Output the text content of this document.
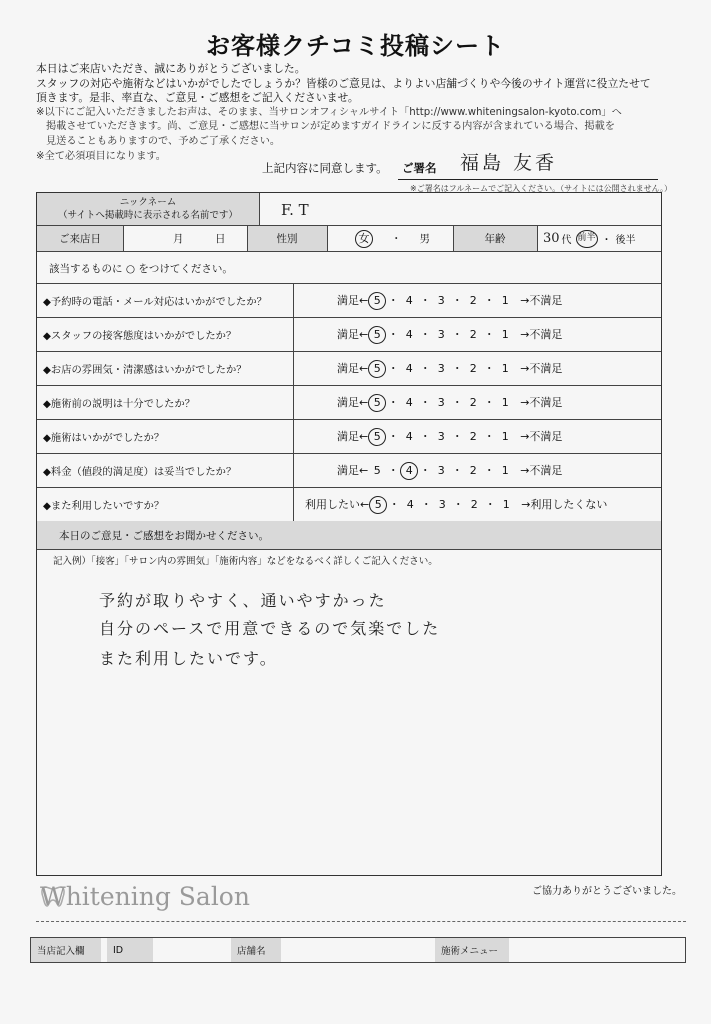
お客様クチコミ投稿シート
本日はご来店いただき、誠にありがとうございました。
スタッフの対応や施術などはいかがでしたでしょうか？皆様のご意見は、よりよい店舗づくりや今後のサイト運営に役立たせて
頂きます。是非、率直な、ご意見・ご感想をご記入くださいませ。
※以下にご記入いただきましたお声は、そのまま、当サロンオフィシャルサイト「http://www.whiteningsalon-kyoto.com」へ
掲載させていただきます。尚、ご意見・ご感想に当サロンが定めますガイドラインに反する内容が含まれている場合、掲載を
見送ることもありますので、予めご了承ください。
※全て必須項目になります。
上記内容に同意します。 ご署名 福島 友香
※ご署名はフルネームでご記入ください。（サイトには公開されません。）
ニックネーム
（サイトへ掲載時に表示される名前です）	F. T
ご来店日	月	日	性別	女	・ 男	年齢	30 代 前半 ・ 後半
該当するものに ○ をつけてください。
◆予約時の電話・メール対応はいかがでしたか？	満足← 5 ・ 4 ・ 3 ・ 2 ・ 1 →不満足
◆スタッフの接客態度はいかがでしたか？	満足← 5 ・ 4 ・ 3 ・ 2 ・ 1 →不満足
◆お店の雰囲気・清潔感はいかがでしたか？	満足← 5 ・ 4 ・ 3 ・ 2 ・ 1 →不満足
◆施術前の説明は十分でしたか？	満足← 5 ・ 4 ・ 3 ・ 2 ・ 1 →不満足
◆施術はいかがでしたか？	満足← 5 ・ 4 ・ 3 ・ 2 ・ 1 →不満足
◆料金（値段的満足度）は妥当でしたか？	満足← 5 ・ 4 ・ 3 ・ 2 ・ 1 →不満足
◆また利用したいですか？	利用したい← 5 ・ 4 ・ 3 ・ 2 ・ 1 →利用したくない
本日のご意見・ご感想をお聞かせください。
記入例）「接客」「サロン内の雰囲気」「施術内容」などをなるべく詳しくご記入ください。
予約が取りやすく、通いやすかった
自分のペースで用意できるので気楽でした
また利用したいです。
Whitening Salon	ご協力ありがとうございました。
当店記入欄	ID	店舗名	施術メニュー
